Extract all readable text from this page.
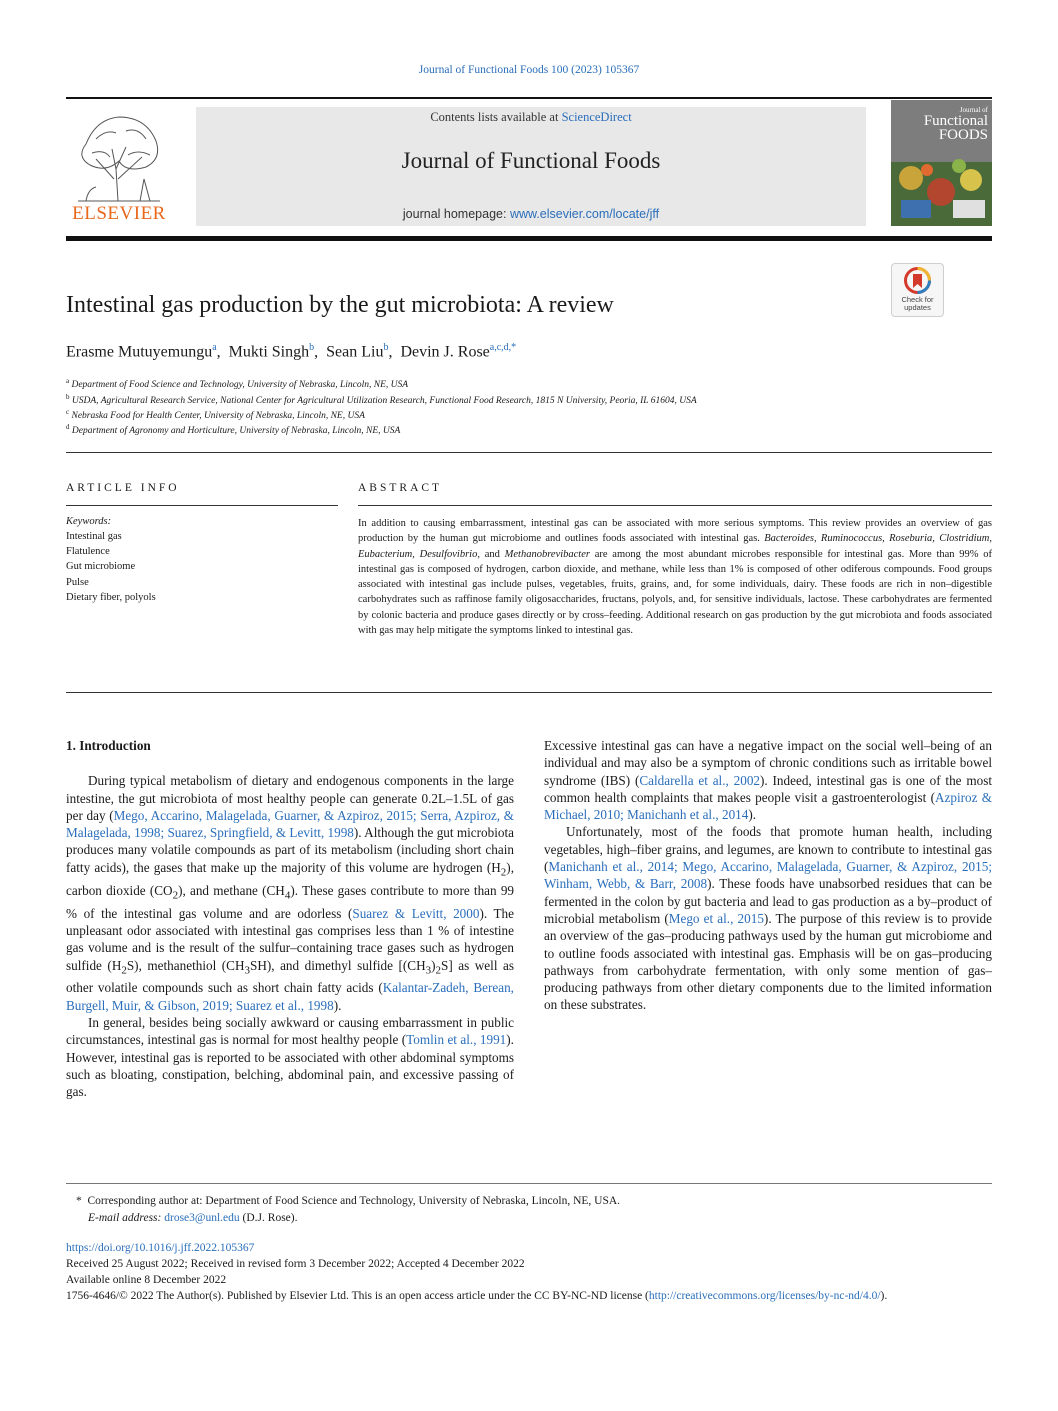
Journal of Functional Foods 100 (2023) 105367
ELSEVIER
Contents lists available at ScienceDirect
Journal of Functional Foods
journal homepage: www.elsevier.com/locate/jff
Journal of
Functional
FOODS
Check for
updates
Intestinal gas production by the gut microbiota: A review
Erasme Mutuyemungu$^a$,  Mukti Singh$^b$,  Sean Liu$^b$,  Devin J. Rose$^{a,c,d,*}$
$^a$ Department of Food Science and Technology, University of Nebraska, Lincoln, NE, USA
$^b$ USDA, Agricultural Research Service, National Center for Agricultural Utilization Research, Functional Food Research, 1815 N University, Peoria, IL 61604, USA
$^c$ Nebraska Food for Health Center, University of Nebraska, Lincoln, NE, USA
$^d$ Department of Agronomy and Horticulture, University of Nebraska, Lincoln, NE, USA
ARTICLE INFO
Keywords:
Intestinal gas
Flatulence
Gut microbiome
Pulse
Dietary fiber, polyols
ABSTRACT
In addition to causing embarrassment, intestinal gas can be associated with more serious symptoms. This review provides an overview of gas production by the human gut microbiome and outlines foods associated with intestinal gas. Bacteroides, Ruminococcus, Roseburia, Clostridium, Eubacterium, Desulfovibrio, and Methanobrevibacter are among the most abundant microbes responsible for intestinal gas. More than 99% of intestinal gas is composed of hydrogen, carbon dioxide, and methane, while less than 1% is composed of other odiferous compounds. Food groups associated with intestinal gas include pulses, vegetables, fruits, grains, and, for some individuals, dairy. These foods are rich in non–digestible carbohydrates such as raffinose family oligosaccharides, fructans, polyols, and, for sensitive individuals, lactose. These carbohydrates are fermented by colonic bacteria and produce gases directly or by cross–feeding. Additional research on gas production by the gut microbiota and foods associated with gas may help mitigate the symptoms linked to intestinal gas.
1. Introduction

During typical metabolism of dietary and endogenous components in the large intestine, the gut microbiota of most healthy people can generate 0.2L–1.5L of gas per day (Mego, Accarino, Malagelada, Guarner, & Azpiroz, 2015; Serra, Azpiroz, & Malagelada, 1998; Suarez, Springfield, & Levitt, 1998). Although the gut microbiota produces many volatile compounds as part of its metabolism (including short chain fatty acids), the gases that make up the majority of this volume are hydrogen $(H_2)$, carbon dioxide $(CO_2)$, and methane $(CH_4)$. These gases contribute to more than 99 % of the intestinal gas volume and are odorless (Suarez & Levitt, 2000). The unpleasant odor associated with intestinal gas comprises less than 1 % of intestine gas volume and is the result of the sulfur–containing trace gases such as hydrogen sulfide $(H_2S)$, methanethiol $(CH_3SH)$, and dimethyl sulfide $[(CH_3)_2S]$ as well as other volatile compounds such as short chain fatty acids (Kalantar-Zadeh, Berean, Burgell, Muir, & Gibson, 2019; Suarez et al., 1998).

In general, besides being socially awkward or causing embarrassment in public circumstances, intestinal gas is normal for most healthy people (Tomlin et al., 1991). However, intestinal gas is reported to be associated with other abdominal symptoms such as bloating, constipation, belching, abdominal pain, and excessive passing of gas.

Excessive intestinal gas can have a negative impact on the social well–being of an individual and may also be a symptom of chronic conditions such as irritable bowel syndrome (IBS) (Caldarella et al., 2002). Indeed, intestinal gas is one of the most common health complaints that makes people visit a gastroenterologist (Azpiroz & Michael, 2010; Manichanh et al., 2014).

Unfortunately, most of the foods that promote human health, including vegetables, high–fiber grains, and legumes, are known to contribute to intestinal gas (Manichanh et al., 2014; Mego, Accarino, Malagelada, Guarner, & Azpiroz, 2015; Winham, Webb, & Barr, 2008). These foods have unabsorbed residues that can be fermented in the colon by gut bacteria and lead to gas production as a by–product of microbial metabolism (Mego et al., 2015). The purpose of this review is to provide an overview of the gas–producing pathways used by the human gut microbiome and to outline foods associated with intestinal gas. Emphasis will be on gas–producing pathways from carbohydrate fermentation, with only some mention of gas–producing pathways from other dietary components due to the limited information on these substrates.

* Corresponding author at: Department of Food Science and Technology, University of Nebraska, Lincoln, NE, USA.
E-mail address: drose3@unl.edu (D.J. Rose).
https://doi.org/10.1016/j.jff.2022.105367
Received 25 August 2022; Received in revised form 3 December 2022; Accepted 4 December 2022
Available online 8 December 2022
1756-4646/© 2022 The Author(s). Published by Elsevier Ltd. This is an open access article under the CC BY-NC-ND license (http://creativecommons.org/licenses/by-nc-nd/4.0/).
